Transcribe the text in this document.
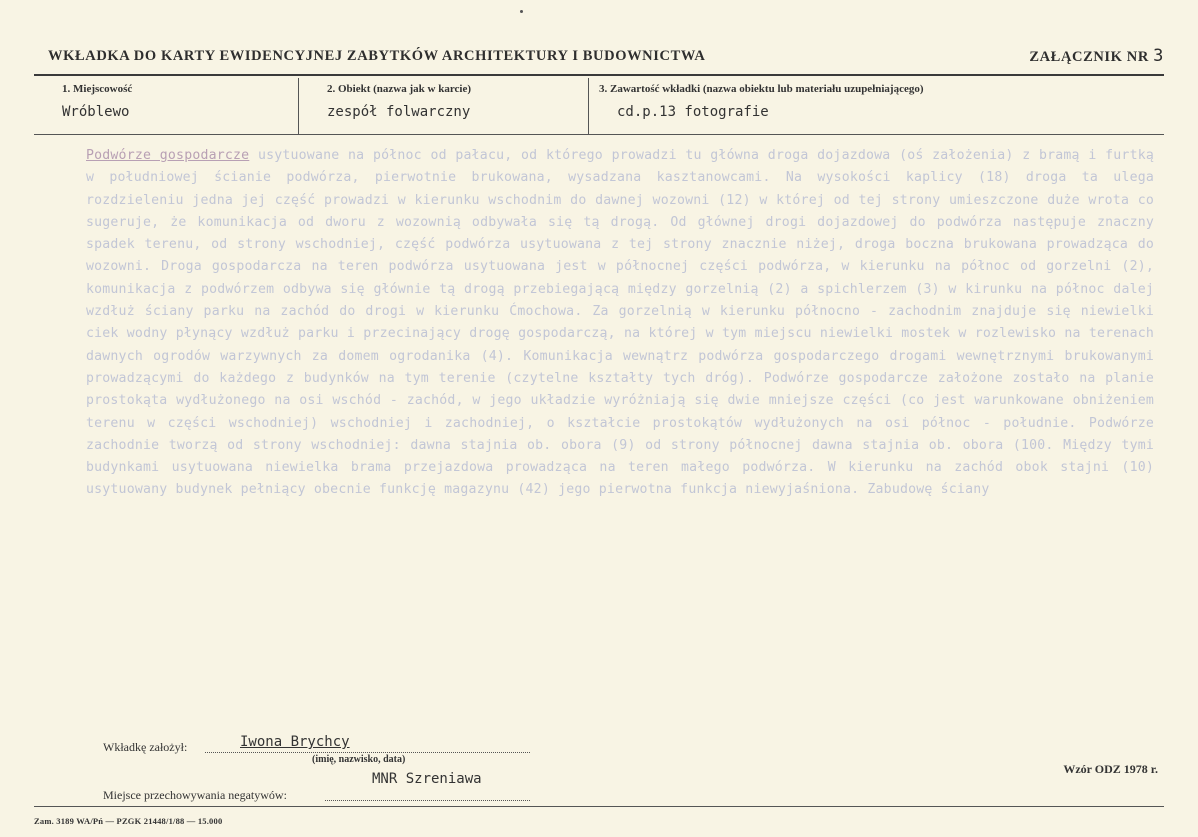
WKŁADKA DO KARTY EWIDENCYJNEJ ZABYTKÓW ARCHITEKTURY I BUDOWNICTWA	ZAŁĄCZNIK NR 3
1. Miejscowość
Wróblewo
2. Obiekt (nazwa jak w karcie)
zespół folwarczny
3. Zawartość wkładki (nazwa obiektu lub materiału uzupełniającego)
cd.p.13 fotografie
Podwórze gospodarcze usytuowane na północ od pałacu, od którego prowadzi tu główna droga dojazdowa (oś założenia) z bramą i furtką w południowej ścianie podwórza, pierwotnie brukowana, wysadzana kasztanowcami. Na wysokości kaplicy (18) droga ta ulega rozdzieleniu jedna jej część prowadzi w kierunku wschodnim do dawnej wozowni (12) w której od tej strony umieszczone duże wrota co sugeruje, że komunikacja od dworu z wozownią odbywała się tą drogą. Od głównej drogi dojazdowej do podwórza następuje znaczny spadek terenu, od strony wschodniej, część podwórza usytuowana z tej strony znacznie niżej, droga boczna brukowana prowadząca do wozowni. Droga gospodarcza na teren podwórza usytuowana jest w północnej części podwórza, w kierunku na północ od gorzelni (2), komunikacja z podwórzem odbywa się głównie tą drogą przebiegającą między gorzelnią (2) a spichlerzem (3) w kirunku na północ dalej wzdłuż ściany parku na zachód do drogi w kierunku Ćmochowa. Za gorzelnią w kierunku północno - zachodnim znajduje się niewielki ciek wodny płynący wzdłuż parku i przecinający drogę gospodarczą, na której w tym miejscu niewielki mostek w rozlewisko na terenach dawnych ogrodów warzywnych za domem ogrodanika (4). Komunikacja wewnątrz podwórza gospodarczego drogami wewnętrznymi brukowanymi prowadzącymi do każdego z budynków na tym terenie (czytelne kształty tych dróg). Podwórze gospodarcze założone zostało na planie prostokąta wydłużonego na osi wschód - zachód, w jego układzie wyróżniają się dwie mniejsze części (co jest warunkowane obniżeniem terenu w części wschodniej) wschodniej i zachodniej, o kształcie prostokątów wydłużonych na osi północ - południe. Podwórze zachodnie tworzą od strony wschodniej: dawna stajnia ob. obora (9) od strony północnej dawna stajnia ob. obora (100. Między tymi budynkami usytuowana niewielka brama przejazdowa prowadząca na teren małego podwórza. W kierunku na zachód obok stajni (10) usytuowany budynek pełniący obecnie funkcję magazynu (42) jego pierwotna funkcja niewyjaśniona. Zabudowę ściany
Wkładkę założył:	Iwona Brychcy
(imię, nazwisko, data)
MNR Szreniawa
Miejsce przechowywania negatywów:
Wzór ODZ 1978 r.
Zam. 3189 WA/Pń — PZGK 21448/1/88 — 15.000
